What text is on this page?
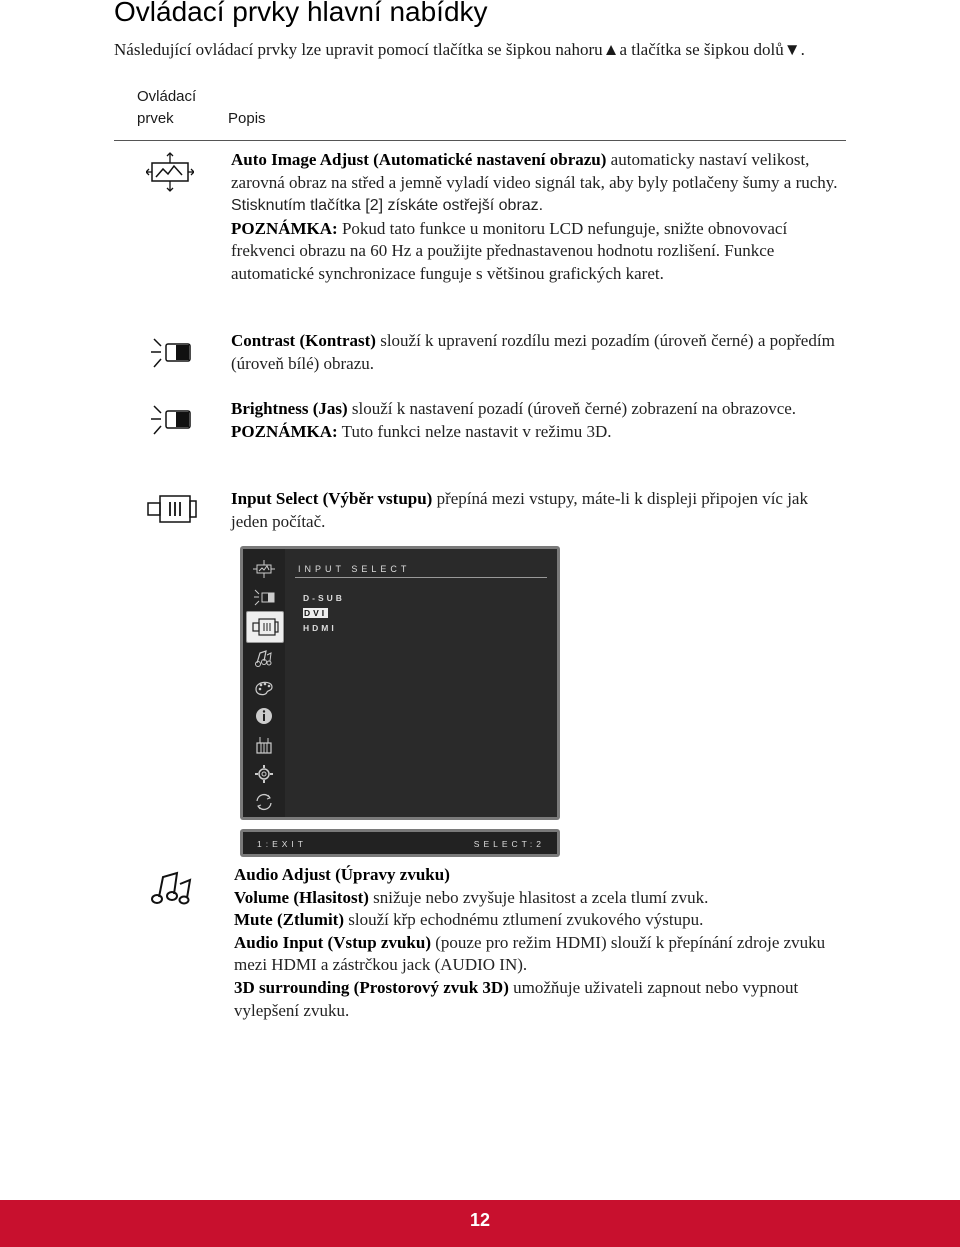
Ovládací prvky hlavní nabídky
Následující ovládací prvky lze upravit pomocí tlačítka se šipkou nahoru▲a tlačítka se šipkou dolů▼.
Ovládací
prvek	Popis
Auto Image Adjust (Automatické nastavení obrazu) automaticky nastaví velikost, zarovná obraz na střed a jemně vyladí video signál tak, aby byly potlačeny šumy a ruchy. Stisknutím tlačítka [2] získáte ostřejší obraz.
POZNÁMKA: Pokud tato funkce u monitoru LCD nefunguje, snižte obnovovací frekvenci obrazu na 60 Hz a použijte přednastavenou hodnotu rozlišení. Funkce automatické synchronizace funguje s většinou grafických karet.
Contrast (Kontrast) slouží k upravení rozdílu mezi pozadím (úroveň černé) a popředím (úroveň bílé) obrazu.
Brightness (Jas) slouží k nastavení pozadí (úroveň černé) zobrazení na obrazovce.
POZNÁMKA: Tuto funkci nelze nastavit v režimu 3D.
Input Select (Výběr vstupu) přepíná mezi vstupy, máte-li k displeji připojen víc jak jeden počítač.
INPUT SELECT
D-SUB
DVI
HDMI
1:EXIT	SELECT:2
Audio Adjust (Úpravy zvuku)
Volume (Hlasitost) snižuje nebo zvyšuje hlasitost a zcela tlumí zvuk.
Mute (Ztlumit) slouží křp echodnému ztlumení zvukového výstupu.
Audio Input (Vstup zvuku) (pouze pro režim HDMI) slouží k přepínání zdroje zvuku mezi HDMI a zástrčkou jack (AUDIO IN).
3D surrounding (Prostorový zvuk 3D) umožňuje uživateli zapnout nebo vypnout vylepšení zvuku.
12
